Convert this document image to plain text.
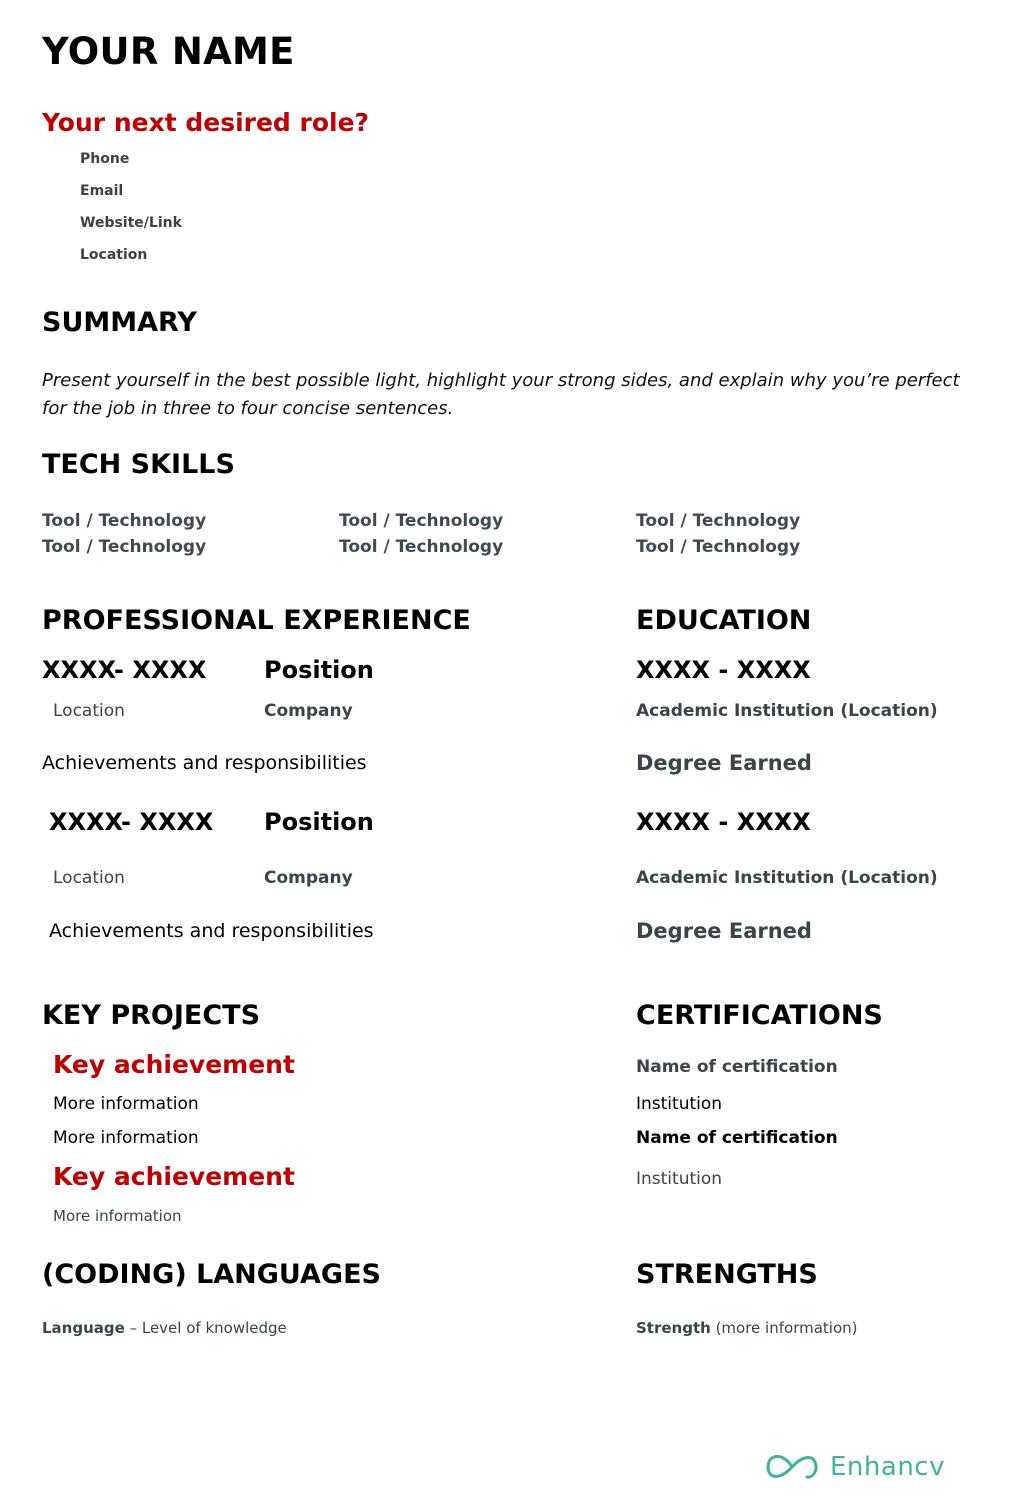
YOUR NAME
Your next desired role?
Phone
Email
Website/Link
Location
SUMMARY
Present yourself in the best possible light, highlight your strong sides, and explain why you’re perfect for the job in three to four concise sentences.
TECH SKILLS
Tool / Technology	Tool / Technology	Tool / Technology
Tool / Technology	Tool / Technology	Tool / Technology
PROFESSIONAL EXPERIENCE
XXXX- XXXX Position
Location	Company
Achievements and responsibilities
XXXX- XXXX Position
Location	Company
Achievements and responsibilities
EDUCATION
XXXX - XXXX
Academic Institution (Location)
Degree Earned
XXXX - XXXX
Academic Institution (Location)
Degree Earned
KEY PROJECTS
Key achievement
More information
More information
Key achievement
More information
CERTIFICATIONS
Name of certification
Institution
Name of certification
Institution
(CODING) LANGUAGES
Language – Level of knowledge
STRENGTHS
Strength (more information)
Enhancv
